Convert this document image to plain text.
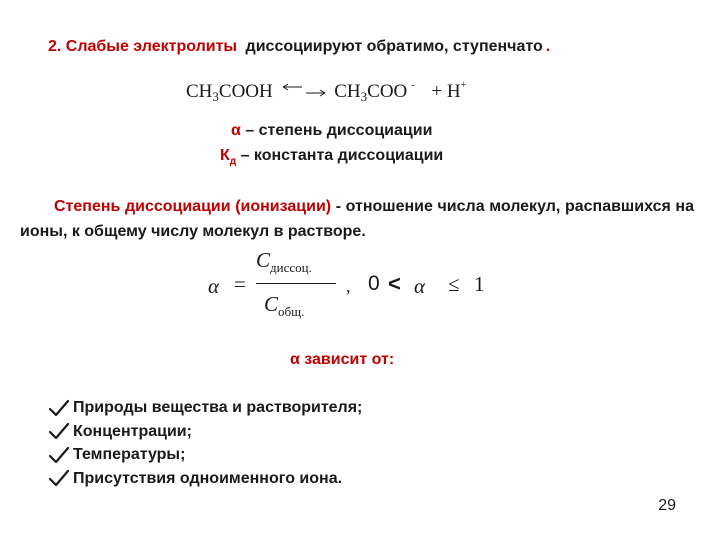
2. Слабые электролиты диссоциируют обратимо, ступенчато .
$CH_3COOH$	$CH_3COO$ - + H+
α – степень диссоциации
$К_д$ – константа диссоциации
Степень диссоциации (ионизации) - отношение числа молекул, распавшихся на ионы, к общему числу молекул в растворе.
α =
$C_{диссоц.}$
$C_{общ.}$
, 0 < α ≤ 1
α зависит от:
Природы вещества и растворителя;
Концентрации;
Температуры;
Присутствия одноименного иона.
29
